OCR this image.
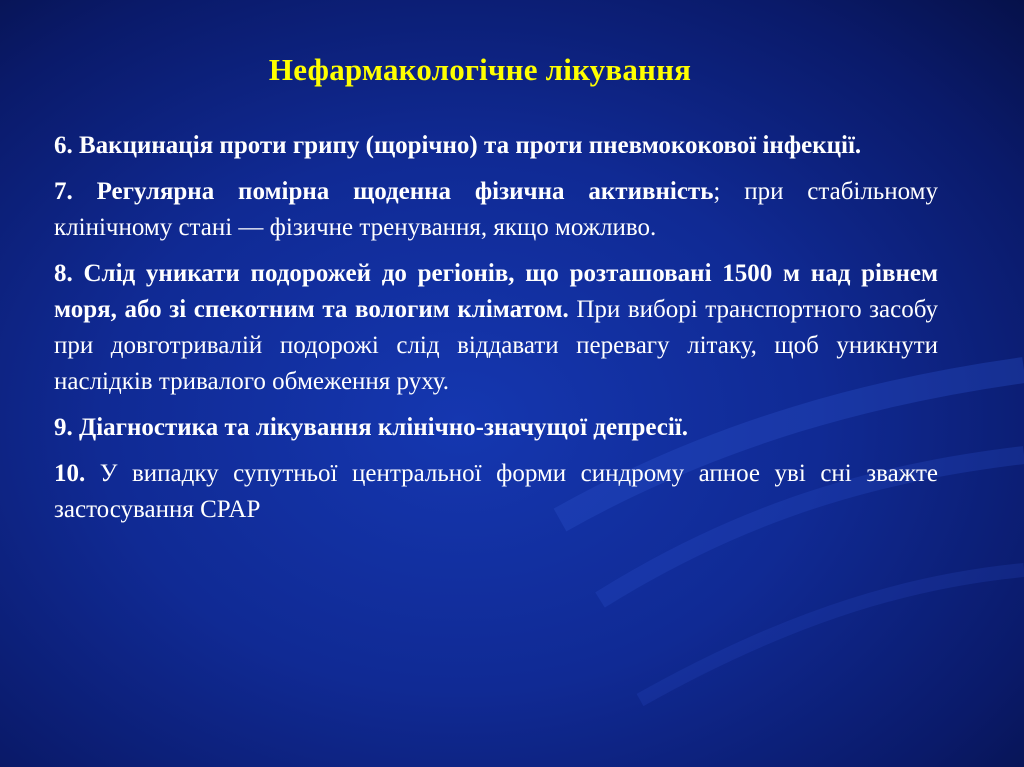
Нефармакологічне лікування

6. Вакцинація проти грипу (щорічно) та проти пневмококової інфекції.

7. Регулярна помірна щоденна фізична активність; при стабільному клінічному стані — фізичне тренування, якщо можливо.

8. Слід уникати подорожей до регіонів, що розташовані 1500 м над рівнем моря, або зі спекотним та вологим кліматом. При виборі транспортного засобу при довготривалій подорожі слід віддавати перевагу літаку, щоб уникнути наслідків тривалого обмеження руху.

9. Діагностика та лікування клінічно-значущої депресії.

10. У випадку супутньої центральної форми синдрому апное уві сні зважте застосування CPAP
